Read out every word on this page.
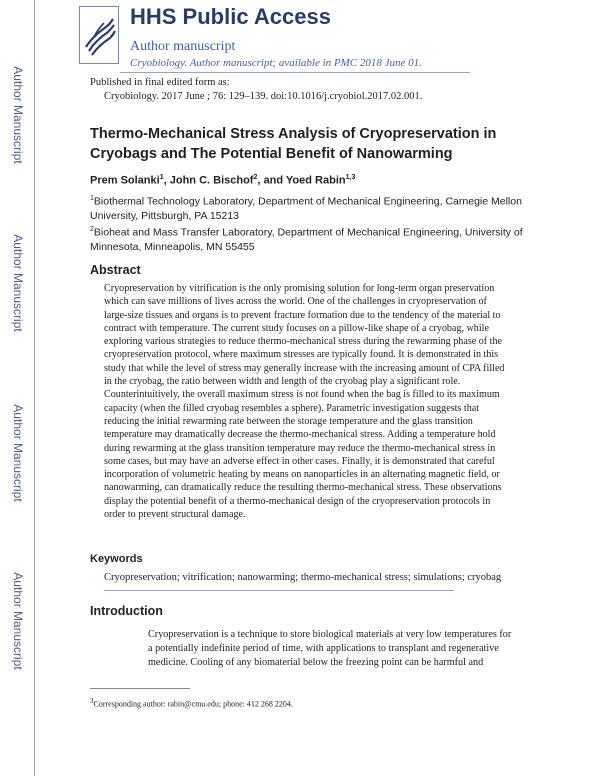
Author Manuscript
Author Manuscript
Author Manuscript
Author Manuscript
HHS Public Access
Author manuscript
Cryobiology. Author manuscript; available in PMC 2018 June 01.
Published in final edited form as:
Cryobiology. 2017 June ; 76: 129–139. doi:10.1016/j.cryobiol.2017.02.001.
Thermo-Mechanical Stress Analysis of Cryopreservation in Cryobags and The Potential Benefit of Nanowarming
Prem Solanki$^1$, John C. Bischof$^2$, and Yoed Rabin$^{1,3}$
$^1$Biothermal Technology Laboratory, Department of Mechanical Engineering, Carnegie Mellon University, Pittsburgh, PA 15213
$^2$Bioheat and Mass Transfer Laboratory, Department of Mechanical Engineering, University of Minnesota, Minneapolis, MN 55455
Abstract
Cryopreservation by vitrification is the only promising solution for long-term organ preservation which can save millions of lives across the world. One of the challenges in cryopreservation of large-size tissues and organs is to prevent fracture formation due to the tendency of the material to contract with temperature. The current study focuses on a pillow-like shape of a cryobag, while exploring various strategies to reduce thermo-mechanical stress during the rewarming phase of the cryopreservation protocol, where maximum stresses are typically found. It is demonstrated in this study that while the level of stress may generally increase with the increasing amount of CPA filled in the cryobag, the ratio between width and length of the cryobag play a significant role. Counterintuitively, the overall maximum stress is not found when the bag is filled to its maximum capacity (when the filled cryobag resembles a sphere). Parametric investigation suggests that reducing the initial rewarming rate between the storage temperature and the glass transition temperature may dramatically decrease the thermo-mechanical stress. Adding a temperature hold during rewarming at the glass transition temperature may reduce the thermo-mechanical stress in some cases, but may have an adverse effect in other cases. Finally, it is demonstrated that careful incorporation of volumetric heating by means on nanoparticles in an alternating magnetic field, or nanowarming, can dramatically reduce the resulting thermo-mechanical stress. These observations display the potential benefit of a thermo-mechanical design of the cryopreservation protocols in order to prevent structural damage.
Keywords
Cryopreservation; vitrification; nanowarming; thermo-mechanical stress; simulations; cryobag
Introduction
Cryopreservation is a technique to store biological materials at very low temperatures for a potentially indefinite period of time, with applications to transplant and regenerative medicine. Cooling of any biomaterial below the freezing point can be harmful and
$^3$Corresponding author: rabin@cmu.edu; phone: 412 268 2204.
